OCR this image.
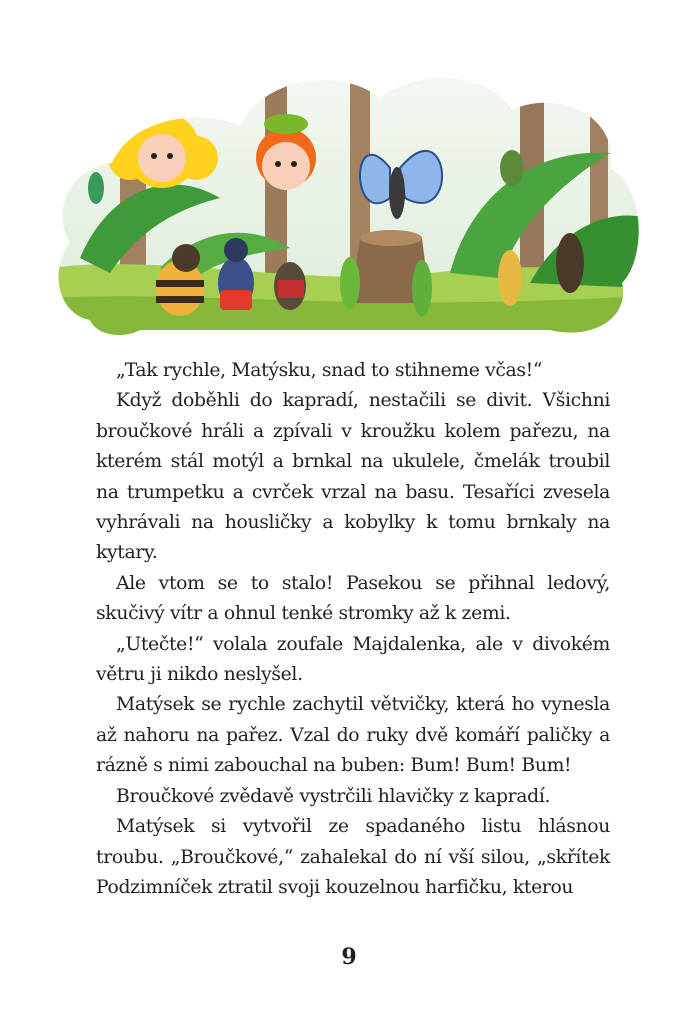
„Tak rychle, Matýsku, snad to stihneme včas!“

Když doběhli do kapradí, nestačili se divit. Všichni broučkové hráli a zpívali v kroužku kolem pařezu, na kterém stál motýl a brnkal na ukulele, čmelák troubil na trumpetku a cvrček vrzal na basu. Tesaříci zvesela vyhrávali na housličky a kobylky k tomu brnkaly na kytary.

Ale vtom se to stalo! Pasekou se přihnal ledový, skučivý vítr a ohnul tenké stromky až k zemi.

„Utečte!“ volala zoufale Majdalenka, ale v divokém větru ji nikdo neslyšel.

Matýsek se rychle zachytil větvičky, která ho vynesla až nahoru na pařez. Vzal do ruky dvě komáří paličky a rázně s nimi zabouchal na buben: Bum! Bum! Bum!

Broučkové zvědavě vystrčili hlavičky z kapradí.

Matýsek si vytvořil ze spadaného listu hlásnou troubu. „Broučkové,“ zahalekal do ní vší silou, „skřítek Podzimníček ztratil svoji kouzelnou harfičku, kterou

9
